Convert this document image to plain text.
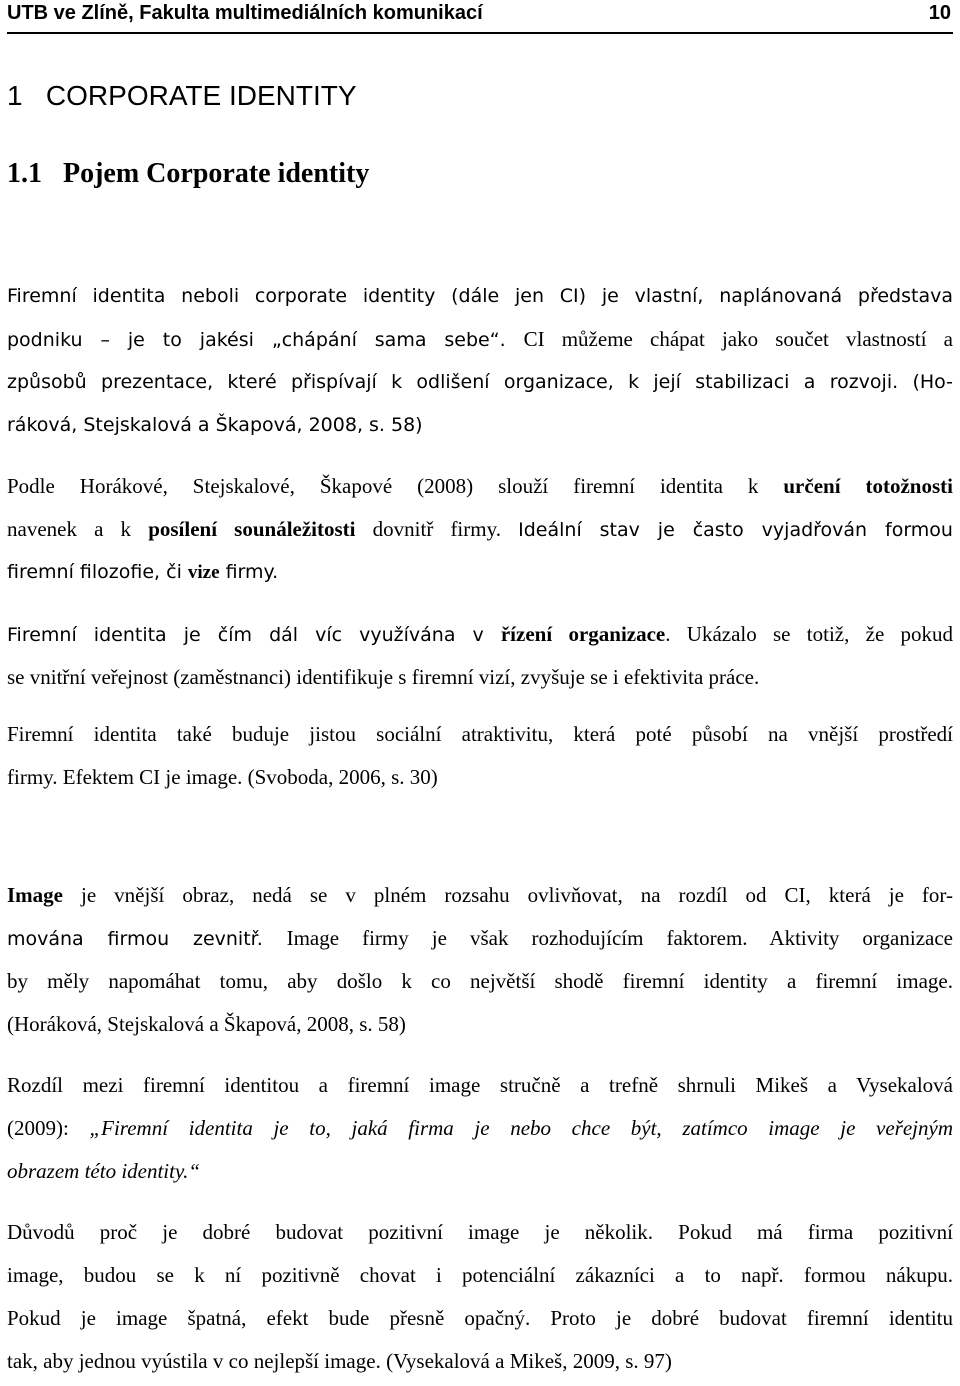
UTB ve Zlíně, Fakulta multimediálních komunikací	10
1 CORPORATE IDENTITY
1.1 Pojem Corporate identity
Firemní identita neboli corporate identity (dále jen CI) je vlastní, naplánovaná představa
podniku – je to jakési „chápání sama sebe“. CI můžeme chápat jako součet vlastností a
způsobů prezentace, které přispívají k odlišení organizace, k její stabilizaci a rozvoji. (Ho-
ráková, Stejskalová a Škapová, 2008, s. 58)
Podle Horákové, Stejskalové, Škapové (2008) slouží firemní identita k určení totožnosti
navenek a k posílení sounáležitosti dovnitř firmy. Ideální stav je často vyjadřován formou
firemní filozofie, či vize firmy.
Firemní identita je čím dál víc využívána v řízení organizace. Ukázalo se totiž, že pokud
se vnitřní veřejnost (zaměstnanci) identifikuje s firemní vizí, zvyšuje se i efektivita práce.
Firemní identita také buduje jistou sociální atraktivitu, která poté působí na vnější prostředí
firmy. Efektem CI je image. (Svoboda, 2006, s. 30)
Image je vnější obraz, nedá se v plném rozsahu ovlivňovat, na rozdíl od CI, která je for-
mována firmou zevnitř. Image firmy je však rozhodujícím faktorem. Aktivity organizace
by měly napomáhat tomu, aby došlo k co největší shodě firemní identity a firemní image.
(Horáková, Stejskalová a Škapová, 2008, s. 58)
Rozdíl mezi firemní identitou a firemní image stručně a trefně shrnuli Mikeš a Vysekalová
(2009): „Firemní identita je to, jaká firma je nebo chce být, zatímco image je veřejným
obrazem této identity.“
Důvodů proč je dobré budovat pozitivní image je několik. Pokud má firma pozitivní
image, budou se k ní pozitivně chovat i potenciální zákazníci a to např. formou nákupu.
Pokud je image špatná, efekt bude přesně opačný. Proto je dobré budovat firemní identitu
tak, aby jednou vyústila v co nejlepší image. (Vysekalová a Mikeš, 2009, s. 97)
